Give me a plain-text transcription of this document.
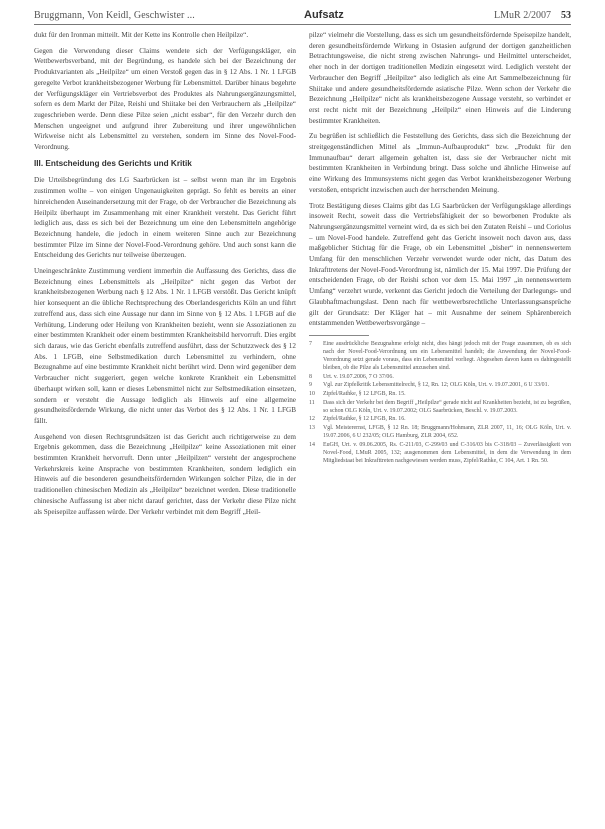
Bruggmann, Von Keidl, Geschwister ...	Aufsatz	LMuR 2/2007 53

dukt für den Ironman mitteilt. Mit der Kette ins Kontrolle chen Heilpilze“.

Gegen die Verwendung dieser Claims wendete sich der Verfügungskläger, ein Wettbewerbsverband, mit der Begründung, es handele sich bei der Bezeichnung der Produktvarianten als „Heilpilze“ um einen Verstoß gegen das in § 12 Abs. 1 Nr. 1 LFGB geregelte Verbot krankheitsbezogener Werbung für Lebensmittel. Darüber hinaus begehrte der Verfügungskläger ein Vertriebsverbot des Produktes als Nahrungsergänzungsmittel, sofern es dem Markt der Pilze, Reishi und Shiitake bei den Verbrauchern als „Heilpilze“ zugeschrieben werde. Denn diese Pilze seien „nicht essbar“, für den Verzehr durch den Menschen ungeeignet und aufgrund ihrer Zubereitung und ihrer ungewöhnlichen Wirkweise nicht als Lebensmittel zu verstehen, sondern im Sinne des Novel-Food-Verordnung.

III. Entscheidung des Gerichts und Kritik

Die Urteilsbegründung des LG Saarbrücken ist – selbst wenn man ihr im Ergebnis zustimmen wollte – von einigen Ungenauigkeiten geprägt. So fehlt es bereits an einer hinreichenden Auseinandersetzung mit der Frage, ob der Verbraucher die Bezeichnung als Heilpilz überhaupt im Zusammenhang mit einer Krankheit versteht. Das Gericht führt lediglich aus, dass es sich bei der Bezeichnung um eine den Lebensmitteln angehörige Bezeichnung handele, die jedoch in einem weiteren Sinne auch zur Bezeichnung bestimmter Pilze im Sinne der Novel-Food-Verordnung gehöre. Und auch sonst kann die Entscheidung des Gerichts nur teilweise überzeugen.

Uneingeschränkte Zustimmung verdient immerhin die Auffassung des Gerichts, dass die Bezeichnung eines Lebensmittels als „Heilpilze“ nicht gegen das Verbot der krankheitsbezogenen Werbung nach § 12 Abs. 1 Nr. 1 LFGB verstößt. Das Gericht knüpft hier konsequent an die übliche Rechtsprechung des Oberlandesgerichts Köln an und führt zutreffend aus, dass sich eine Aussage nur dann im Sinne von § 12 Abs. 1 LFGB auf die Verhütung, Linderung oder Heilung von Krankheiten bezieht, wenn sie Assoziationen zu einer bestimmten Krankheit oder einem bestimmten Krankheitsbild hervorruft. Dies ergibt sich daraus, wie das Gericht ebenfalls zutreffend ausführt, dass der Schutzzweck des § 12 Abs. 1 LFGB, eine Selbstmedikation durch Lebensmittel zu verhindern, ohne Bezugnahme auf eine bestimmte Krankheit nicht berührt wird. Denn wird gegenüber dem Verbraucher nicht suggeriert, gegen welche konkrete Krankheit ein Lebensmittel überhaupt wirken soll, kann er dieses Lebensmittel nicht zur Selbstmedikation einsetzen, sondern er versteht die Aussage lediglich als Hinweis auf eine allgemeine gesundheitsfördernde Wirkung, die nicht unter das Verbot des § 12 Abs. 1 Nr. 1 LFGB fällt.

Ausgehend von diesen Rechtsgrundsätzen ist das Gericht auch richtigerweise zu dem Ergebnis gekommen, dass die Bezeichnung „Heilpilze“ keine Assoziationen mit einer bestimmten Krankheit hervorruft. Denn unter „Heilpilzen“ versteht der angesprochene Verkehrskreis keine Ansprache von bestimmten Krankheiten, sondern lediglich ein Hinweis auf die besonderen gesundheitsfördernden Wirkungen solcher Pilze, die in der traditionellen chinesischen Medizin als „Heilpilze“ bezeichnet werden. Diese traditionelle chinesische Auffassung ist aber nicht darauf gerichtet, dass der Verkehr diese Pilze nicht als Speisepilze auffassen würde. Der Verkehr verbindet mit dem Begriff „Heil-

pilze“ vielmehr die Vorstellung, dass es sich um gesundheitsfördernde Speisepilze handelt, deren gesundheitsfördernde Wirkung in Ostasien aufgrund der dortigen ganzheitlichen Betrachtungsweise, die nicht streng zwischen Nahrungs- und Heilmittel unterscheidet, eher noch in der dortigen traditionellen Medizin eingesetzt wird. Lediglich versteht der Verbraucher den Begriff „Heilpilze“ also lediglich als eine Art Sammelbezeichnung für Shiitake und andere gesundheitsfördernde asiatische Pilze. Wenn schon der Verkehr die Bezeichnung „Heilpilze“ nicht als krankheitsbezogene Aussage versteht, so verbindet er erst recht nicht mit der Bezeichnung „Heilpilz“ einen Hinweis auf die Linderung bestimmter Krankheiten.

Zu begrüßen ist schließlich die Feststellung des Gerichts, dass sich die Bezeichnung der streitgegenständlichen Mittel als „Immun-Aufbauprodukt“ bzw. „Produkt für den Immunaufbau“ derart allgemein gehalten ist, dass sie der Verbraucher nicht mit bestimmten Krankheiten in Verbindung bringt. Dass solche und ähnliche Hinweise auf eine Wirkung des Immunsystems nicht gegen das Verbot krankheitsbezogener Werbung verstoßen, entspricht inzwischen auch der herrschenden Meinung.

Trotz Bestätigung dieses Claims gibt das LG Saarbrücken der Verfügungsklage allerdings insoweit Recht, soweit dass die Vertriebsfähigkeit der so beworbenen Produkte als Nahrungsergänzungsmittel verneint wird, da es sich bei den Zutaten Reishi – und Coriolus – um Novel-Food handele. Zutreffend geht das Gericht insoweit noch davon aus, dass maßgeblicher Stichtag für die Frage, ob ein Lebensmittel „bisher“ in nennenswertem Umfang für den menschlichen Verzehr verwendet wurde oder nicht, das Datum des Inkrafttretens der Novel-Food-Verordnung ist, nämlich der 15. Mai 1997. Die Prüfung der entscheidenden Frage, ob der Reishi schon vor dem 15. Mai 1997 „in nennenswertem Umfang“ verzehrt wurde, verkennt das Gericht jedoch die Verteilung der Darlegungs- und Glaubhaftmachungslast. Denn nach für wettbewerbsrechtliche Unterlassungsansprüche gilt der Grundsatz: Der Kläger hat – mit Ausnahme der seinem Sphärenbereich entstammenden Wettbewerbsvorgänge –

7	Eine ausdrückliche Bezugnahme erfolgt nicht, dies hängt jedoch mit der Frage zusammen, ob es sich nach der Novel-Food-Verordnung um ein Lebensmittel handelt; die Anwendung der Novel-Food-Verordnung setzt gerade voraus, dass ein Lebensmittel vorliegt. Abgesehen davon kann es dahingestellt bleiben, ob die Pilze als Lebensmittel anzusehen sind.
8	Urt. v. 19.07.2006, 7 O 37/06.
9	Vgl. zur Zipfelkritik Lebensmittelrecht, § 12, Rn. 12; OLG Köln, Urt. v. 19.07.2001, 6 U 33/01.
10	Zipfel/Rathke, § 12 LFGB, Rn. 15.
11	Dass sich der Verkehr bei dem Begriff „Heilpilze“ gerade nicht auf Krankheiten bezieht, ist zu begrüßen, so schon OLG Köln, Urt. v. 19.07.2002; OLG Saarbrücken, Beschl. v. 19.07.2003.
12	Zipfel/Rathke, § 12 LFGB, Rn. 16.
13	Vgl. Meisterernst, LFGB, § 12 Rn. 18; Bruggmann/Hohmann, ZLR 2007, 11, 16; OLG Köln, Urt. v. 19.07.2006, 6 U 232/05; OLG Hamburg, ZLR 2004, 652.
14	EuGH, Urt. v. 09.06.2005, Rs. C-211/03, C-299/03 und C-316/03 bis C-318/03 – Zuverlässigkeit von Novel-Food, LMuR 2005, 132; ausgenommen dem Lebensmittel, in dem die Verwendung in dem Mitgliedstaat bei Inkrafttreten nachgewiesen werden muss, Zipfel/Rathke, C 104, Art. 1 Rn. 50.
